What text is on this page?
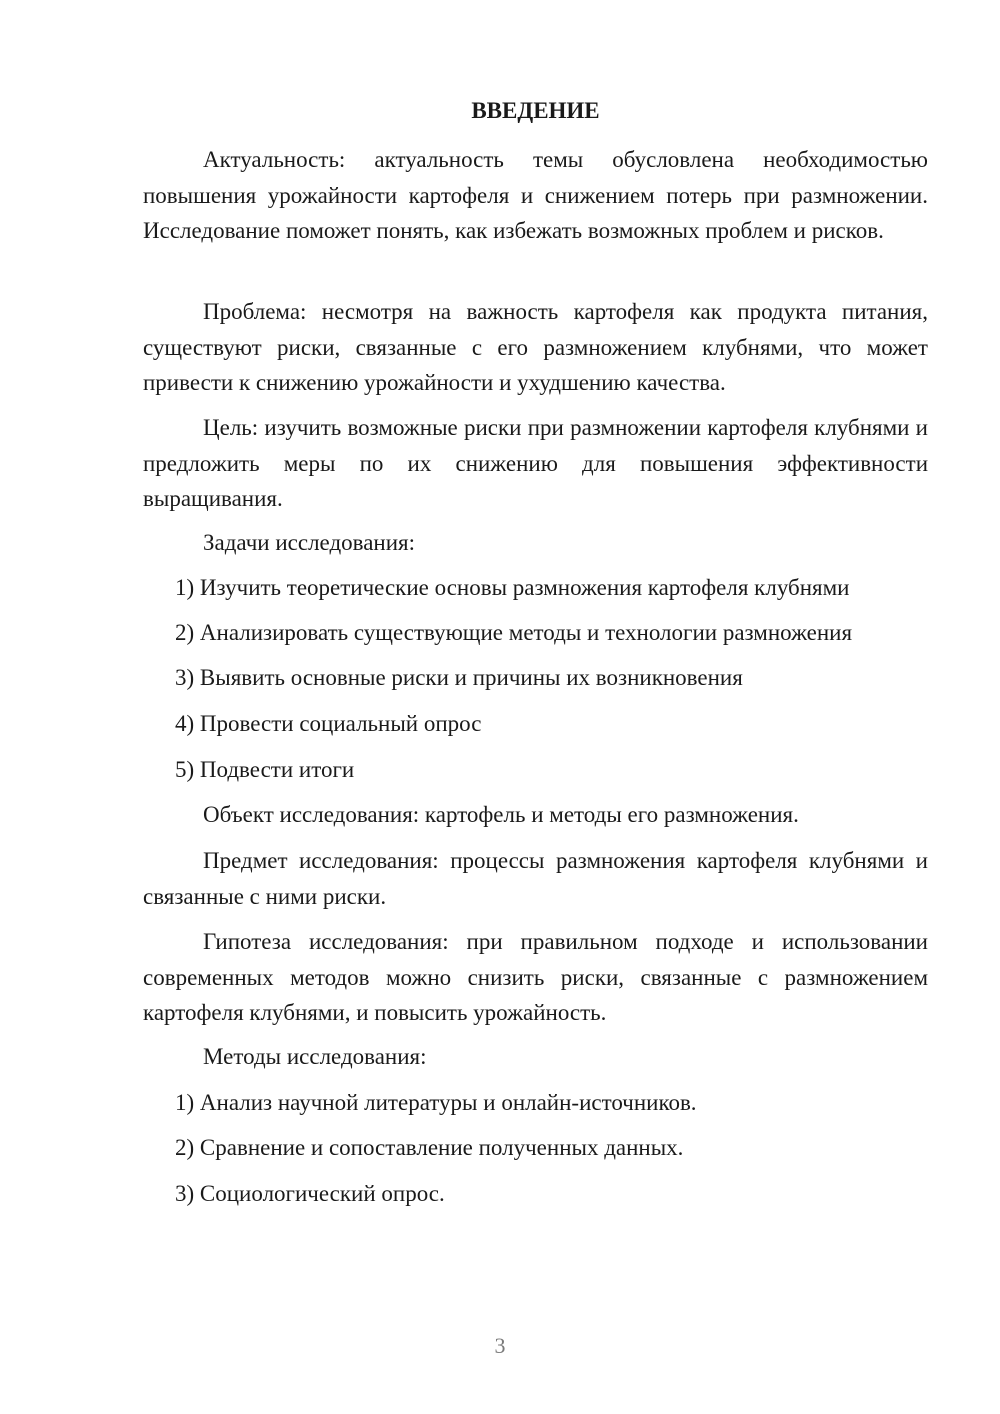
ВВЕДЕНИЕ

Актуальность: актуальность темы обусловлена необходимостью повышения урожайности картофеля и снижением потерь при размножении. Исследование поможет понять, как избежать возможных проблем и рисков.

Проблема: несмотря на важность картофеля как продукта питания, существуют риски, связанные с его размножением клубнями, что может привести к снижению урожайности и ухудшению качества.

Цель: изучить возможные риски при размножении картофеля клубнями и предложить меры по их снижению для повышения эффективности выращивания.

Задачи исследования:

1) Изучить теоретические основы размножения картофеля клубнями

2) Анализировать существующие методы и технологии размножения

3) Выявить основные риски и причины их возникновения

4) Провести социальный опрос

5) Подвести итоги

Объект исследования: картофель и методы его размножения.

Предмет исследования: процессы размножения картофеля клубнями и связанные с ними риски.

Гипотеза исследования: при правильном подходе и использовании современных методов можно снизить риски, связанные с размножением картофеля клубнями, и повысить урожайность.

Методы исследования:

1) Анализ научной литературы и онлайн-источников.

2) Сравнение и сопоставление полученных данных.

3) Социологический опрос.

3
